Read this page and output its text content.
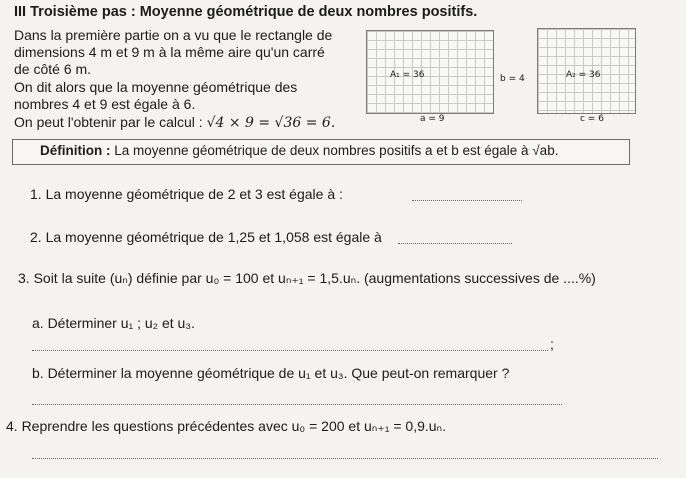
III Troisième pas : Moyenne géométrique de deux nombres positifs.
Dans la première partie on a vu que le rectangle de
dimensions 4 m et 9 m à la même aire qu'un carré
de côté 6 m.
On dit alors que la moyenne géométrique des
nombres 4 et 9 est égale à 6.
On peut l'obtenir par le calcul : √4 × 9 = √36 = 6.
A₁ = 36	b = 4
a = 9
A₂ = 36
c = 6
Définition : La moyenne géométrique de deux nombres positifs a et b est égale à √ab.
1. La moyenne géométrique de 2 et 3 est égale à :
2. La moyenne géométrique de 1,25 et 1,058 est égale à
3. Soit la suite (uₙ) définie par u₀ = 100 et uₙ₊₁ = 1,5.uₙ. (augmentations successives de ....%)
a. Déterminer u₁ ; u₂ et u₃.
;
b. Déterminer la moyenne géométrique de u₁ et u₃. Que peut-on remarquer ?
4. Reprendre les questions précédentes avec u₀ = 200 et uₙ₊₁ = 0,9.uₙ.
